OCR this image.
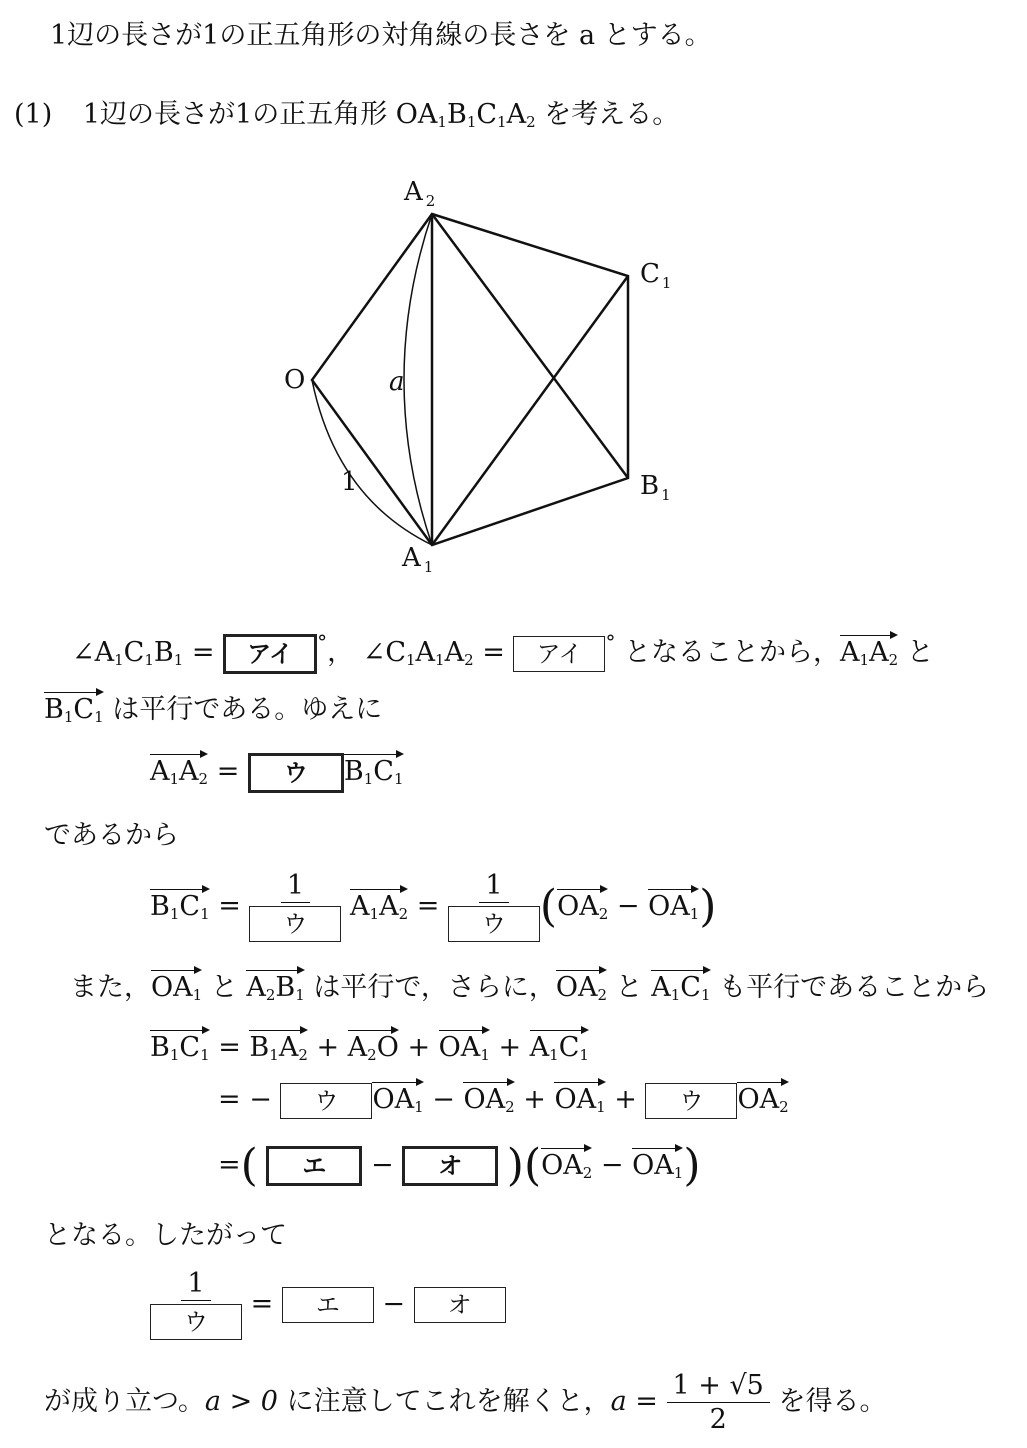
1辺の長さが1の正五角形の対角線の長さを a とする。
(1) 1辺の長さが1の正五角形 $OA_1B_1C_1A_2$ を考える。
A $_2$
C $_1$
O
B $_1$
A $_1$
a
1
$\angle A_1C_1B_1$ = アイ °， $\angle C_1A_1A_2$ = アイ ° となることから，$A_1A_2$ と
$B_1C_1$ は平行である。ゆえに
$A_1A_2$ = ウ $B_1C_1$
であるから
$B_1C_1 = \frac{1}{\text{ウ}} A_1A_2 = \frac{1}{\text{ウ}} (OA_2 - OA_1)$
また，$OA_1$ と $A_2B_1$ は平行で，さらに，$OA_2$ と $A_1C_1$ も平行であることから
$B_1C_1 = B_1A_2 + A_2O + OA_1 + A_1C_1$
= − ウ $OA_1 - OA_2 + OA_1$ + ウ $OA_2$
=( エ − オ )$(OA_2 - OA_1)$
となる。したがって
$\frac{1}{\text{ウ}}$ = エ − オ
が成り立つ。a > 0 に注意してこれを解くと，$a = \frac{1 + √5}{2}$ を得る。
